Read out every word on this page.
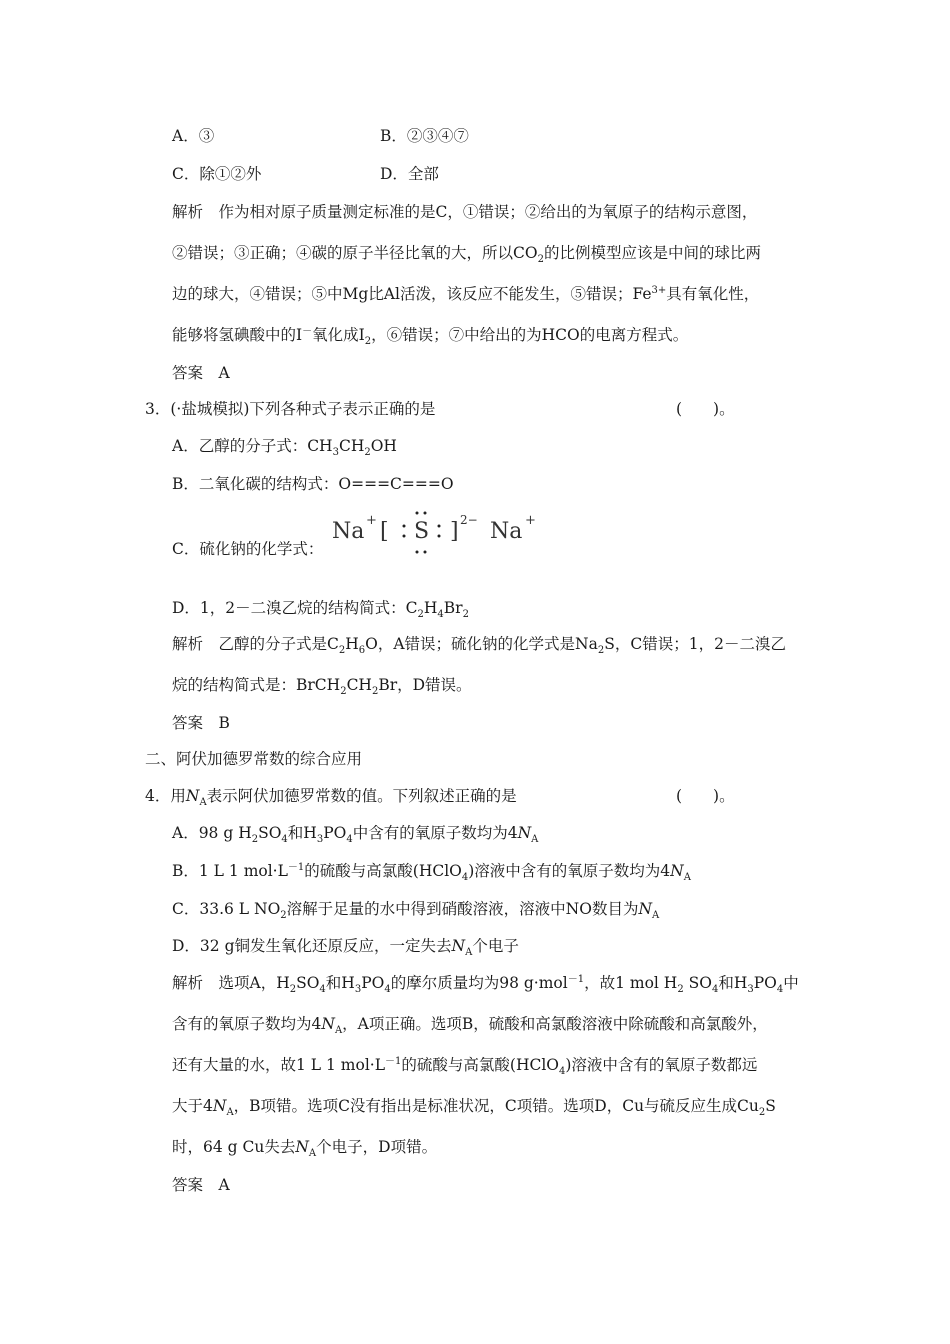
A．③	B．②③④⑦
C．除①②外	D．全部
解析　作为相对原子质量测定标准的是C，①错误；②给出的为氧原子的结构示意图，
②错误；③正确；④碳的原子半径比氧的大，所以$CO_2$的比例模型应该是中间的球比两
边的球大，④错误；⑤中Mg比Al活泼，该反应不能发生，⑤错误；$Fe^{3+}$具有氧化性，
能够将氢碘酸中的I－氧化成$I_2$，⑥错误；⑦中给出的为HCO的电离方程式。
答案　A
3．(·盐城模拟)下列各种式子表示正确的是	(　　)。
A．乙醇的分子式：$CH_3CH_2OH$
B．二氧化碳的结构式：O===C===O
C．硫化钠的化学式：
Na + [ S ] 2− Na +
D．1，2－二溴乙烷的结构简式：$C_2H_4Br_2$
解析　乙醇的分子式是$C_2H_6O$，A错误；硫化钠的化学式是$Na_2S$，C错误；1，2－二溴乙
烷的结构简式是：$BrCH_2CH_2Br$，D错误。
答案　B
二、阿伏加德罗常数的综合应用
4．用$N_A$表示阿伏加德罗常数的值。下列叙述正确的是	(　　)。
A．98 g $H_2SO_4$和$H_3PO_4$中含有的氧原子数均为$4N_A$
B．1 L 1 $mol\cdot L^{-1}$的硫酸与高氯酸(HClO$_4$)溶液中含有的氧原子数均为$4N_A$
C．33.6 L $NO_2$溶解于足量的水中得到硝酸溶液，溶液中NO数目为$N_A$
D．32 g铜发生氧化还原反应，一定失去$N_A$个电子
解析　选项A，$H_2SO_4$和$H_3PO_4$的摩尔质量均为98 g·mol$^{-1}$，故1 mol $H_2$ $SO_4$和$H_3PO_4$中
含有的氧原子数均为$4N_A$，A项正确。选项B，硫酸和高氯酸溶液中除硫酸和高氯酸外，
还有大量的水，故1 L 1 $mol\cdot L^{-1}$的硫酸与高氯酸(HClO$_4$)溶液中含有的氧原子数都远
大于$4N_A$，B项错。选项C没有指出是标准状况，C项错。选项D，Cu与硫反应生成$Cu_2S$
时，64 g Cu失去$N_A$个电子，D项错。
答案　A
